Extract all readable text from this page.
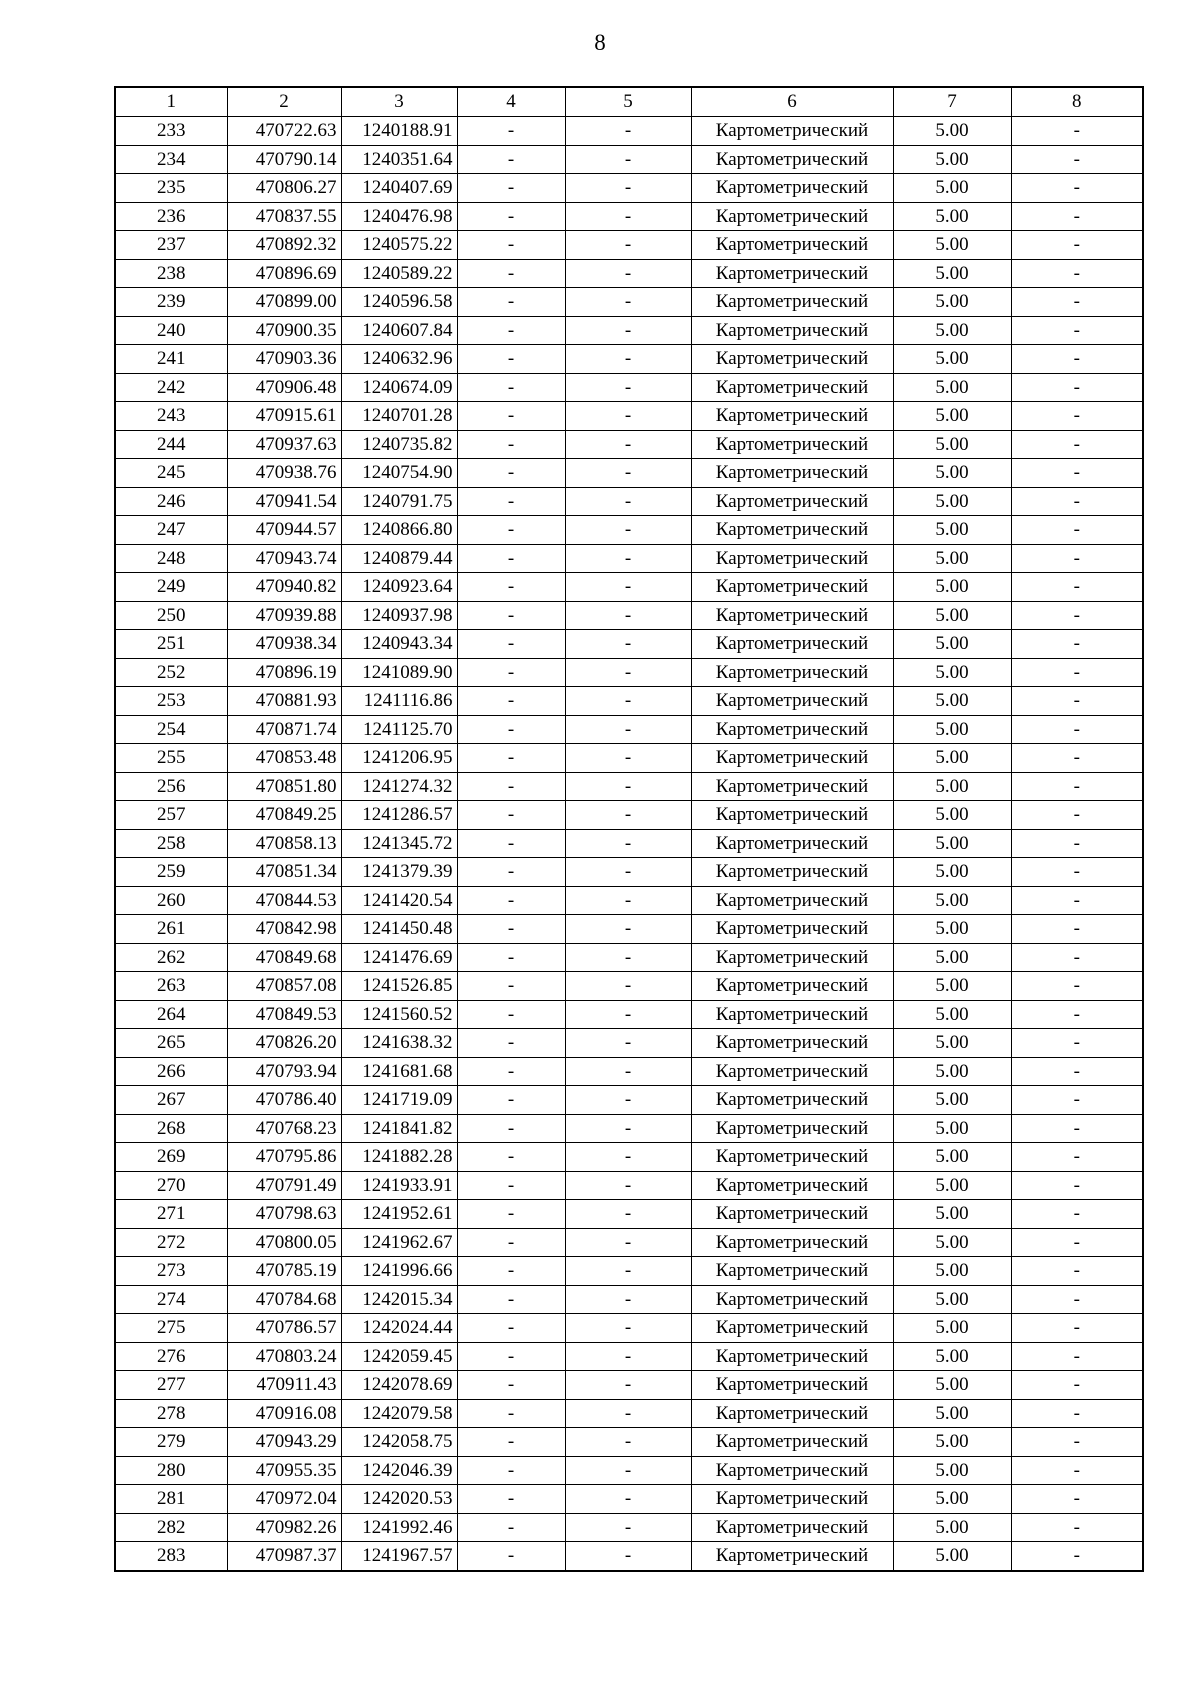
8
1	2	3	4	5	6	7	8
233	470722.63	1240188.91	-	-	Картометрический	5.00	-
234	470790.14	1240351.64	-	-	Картометрический	5.00	-
235	470806.27	1240407.69	-	-	Картометрический	5.00	-
236	470837.55	1240476.98	-	-	Картометрический	5.00	-
237	470892.32	1240575.22	-	-	Картометрический	5.00	-
238	470896.69	1240589.22	-	-	Картометрический	5.00	-
239	470899.00	1240596.58	-	-	Картометрический	5.00	-
240	470900.35	1240607.84	-	-	Картометрический	5.00	-
241	470903.36	1240632.96	-	-	Картометрический	5.00	-
242	470906.48	1240674.09	-	-	Картометрический	5.00	-
243	470915.61	1240701.28	-	-	Картометрический	5.00	-
244	470937.63	1240735.82	-	-	Картометрический	5.00	-
245	470938.76	1240754.90	-	-	Картометрический	5.00	-
246	470941.54	1240791.75	-	-	Картометрический	5.00	-
247	470944.57	1240866.80	-	-	Картометрический	5.00	-
248	470943.74	1240879.44	-	-	Картометрический	5.00	-
249	470940.82	1240923.64	-	-	Картометрический	5.00	-
250	470939.88	1240937.98	-	-	Картометрический	5.00	-
251	470938.34	1240943.34	-	-	Картометрический	5.00	-
252	470896.19	1241089.90	-	-	Картометрический	5.00	-
253	470881.93	1241116.86	-	-	Картометрический	5.00	-
254	470871.74	1241125.70	-	-	Картометрический	5.00	-
255	470853.48	1241206.95	-	-	Картометрический	5.00	-
256	470851.80	1241274.32	-	-	Картометрический	5.00	-
257	470849.25	1241286.57	-	-	Картометрический	5.00	-
258	470858.13	1241345.72	-	-	Картометрический	5.00	-
259	470851.34	1241379.39	-	-	Картометрический	5.00	-
260	470844.53	1241420.54	-	-	Картометрический	5.00	-
261	470842.98	1241450.48	-	-	Картометрический	5.00	-
262	470849.68	1241476.69	-	-	Картометрический	5.00	-
263	470857.08	1241526.85	-	-	Картометрический	5.00	-
264	470849.53	1241560.52	-	-	Картометрический	5.00	-
265	470826.20	1241638.32	-	-	Картометрический	5.00	-
266	470793.94	1241681.68	-	-	Картометрический	5.00	-
267	470786.40	1241719.09	-	-	Картометрический	5.00	-
268	470768.23	1241841.82	-	-	Картометрический	5.00	-
269	470795.86	1241882.28	-	-	Картометрический	5.00	-
270	470791.49	1241933.91	-	-	Картометрический	5.00	-
271	470798.63	1241952.61	-	-	Картометрический	5.00	-
272	470800.05	1241962.67	-	-	Картометрический	5.00	-
273	470785.19	1241996.66	-	-	Картометрический	5.00	-
274	470784.68	1242015.34	-	-	Картометрический	5.00	-
275	470786.57	1242024.44	-	-	Картометрический	5.00	-
276	470803.24	1242059.45	-	-	Картометрический	5.00	-
277	470911.43	1242078.69	-	-	Картометрический	5.00	-
278	470916.08	1242079.58	-	-	Картометрический	5.00	-
279	470943.29	1242058.75	-	-	Картометрический	5.00	-
280	470955.35	1242046.39	-	-	Картометрический	5.00	-
281	470972.04	1242020.53	-	-	Картометрический	5.00	-
282	470982.26	1241992.46	-	-	Картометрический	5.00	-
283	470987.37	1241967.57	-	-	Картометрический	5.00	-
